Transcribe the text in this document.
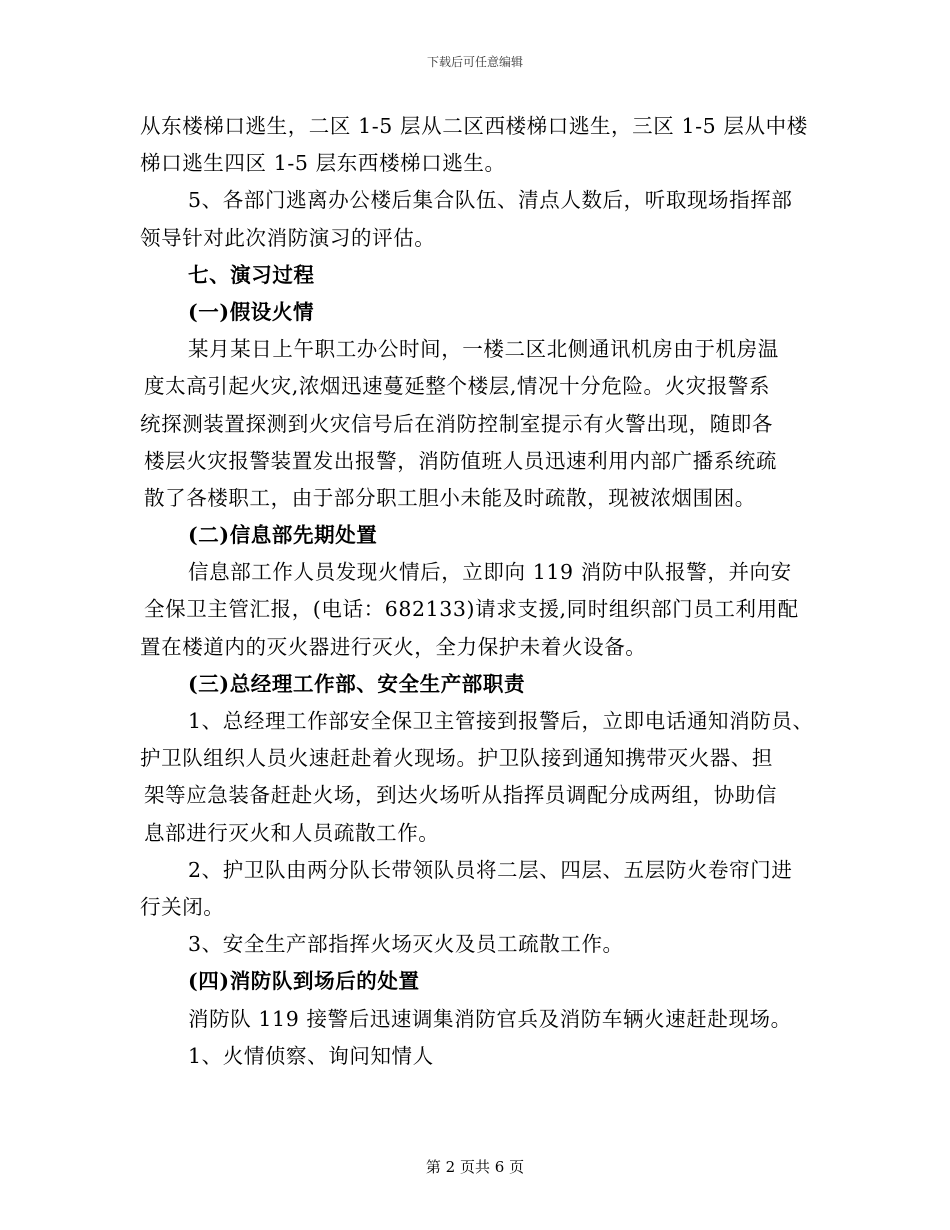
下载后可任意编辑
从东楼梯口逃生，二区 1-5 层从二区西楼梯口逃生，三区 1-5 层从中楼
梯口逃生四区 1-5 层东西楼梯口逃生。
5、各部门逃离办公楼后集合队伍、清点人数后，听取现场指挥部
领导针对此次消防演习的评估。
七、演习过程
(一)假设火情
某月某日上午职工办公时间，一楼二区北侧通讯机房由于机房温
度太高引起火灾,浓烟迅速蔓延整个楼层,情况十分危险。火灾报警系
统探测装置探测到火灾信号后在消防控制室提示有火警出现，随即各
楼层火灾报警装置发出报警，消防值班人员迅速利用内部广播系统疏
散了各楼职工，由于部分职工胆小未能及时疏散，现被浓烟围困。
(二)信息部先期处置
信息部工作人员发现火情后，立即向 119 消防中队报警，并向安
全保卫主管汇报，(电话：682133)请求支援,同时组织部门员工利用配
置在楼道内的灭火器进行灭火，全力保护未着火设备。
(三)总经理工作部、安全生产部职责
1、总经理工作部安全保卫主管接到报警后，立即电话通知消防员、
护卫队组织人员火速赶赴着火现场。护卫队接到通知携带灭火器、担
架等应急装备赶赴火场，到达火场听从指挥员调配分成两组，协助信
息部进行灭火和人员疏散工作。
2、护卫队由两分队长带领队员将二层、四层、五层防火卷帘门进
行关闭。
3、安全生产部指挥火场灭火及员工疏散工作。
(四)消防队到场后的处置
消防队 119 接警后迅速调集消防官兵及消防车辆火速赶赴现场。
1、火情侦察、询问知情人
第 2 页共 6 页
